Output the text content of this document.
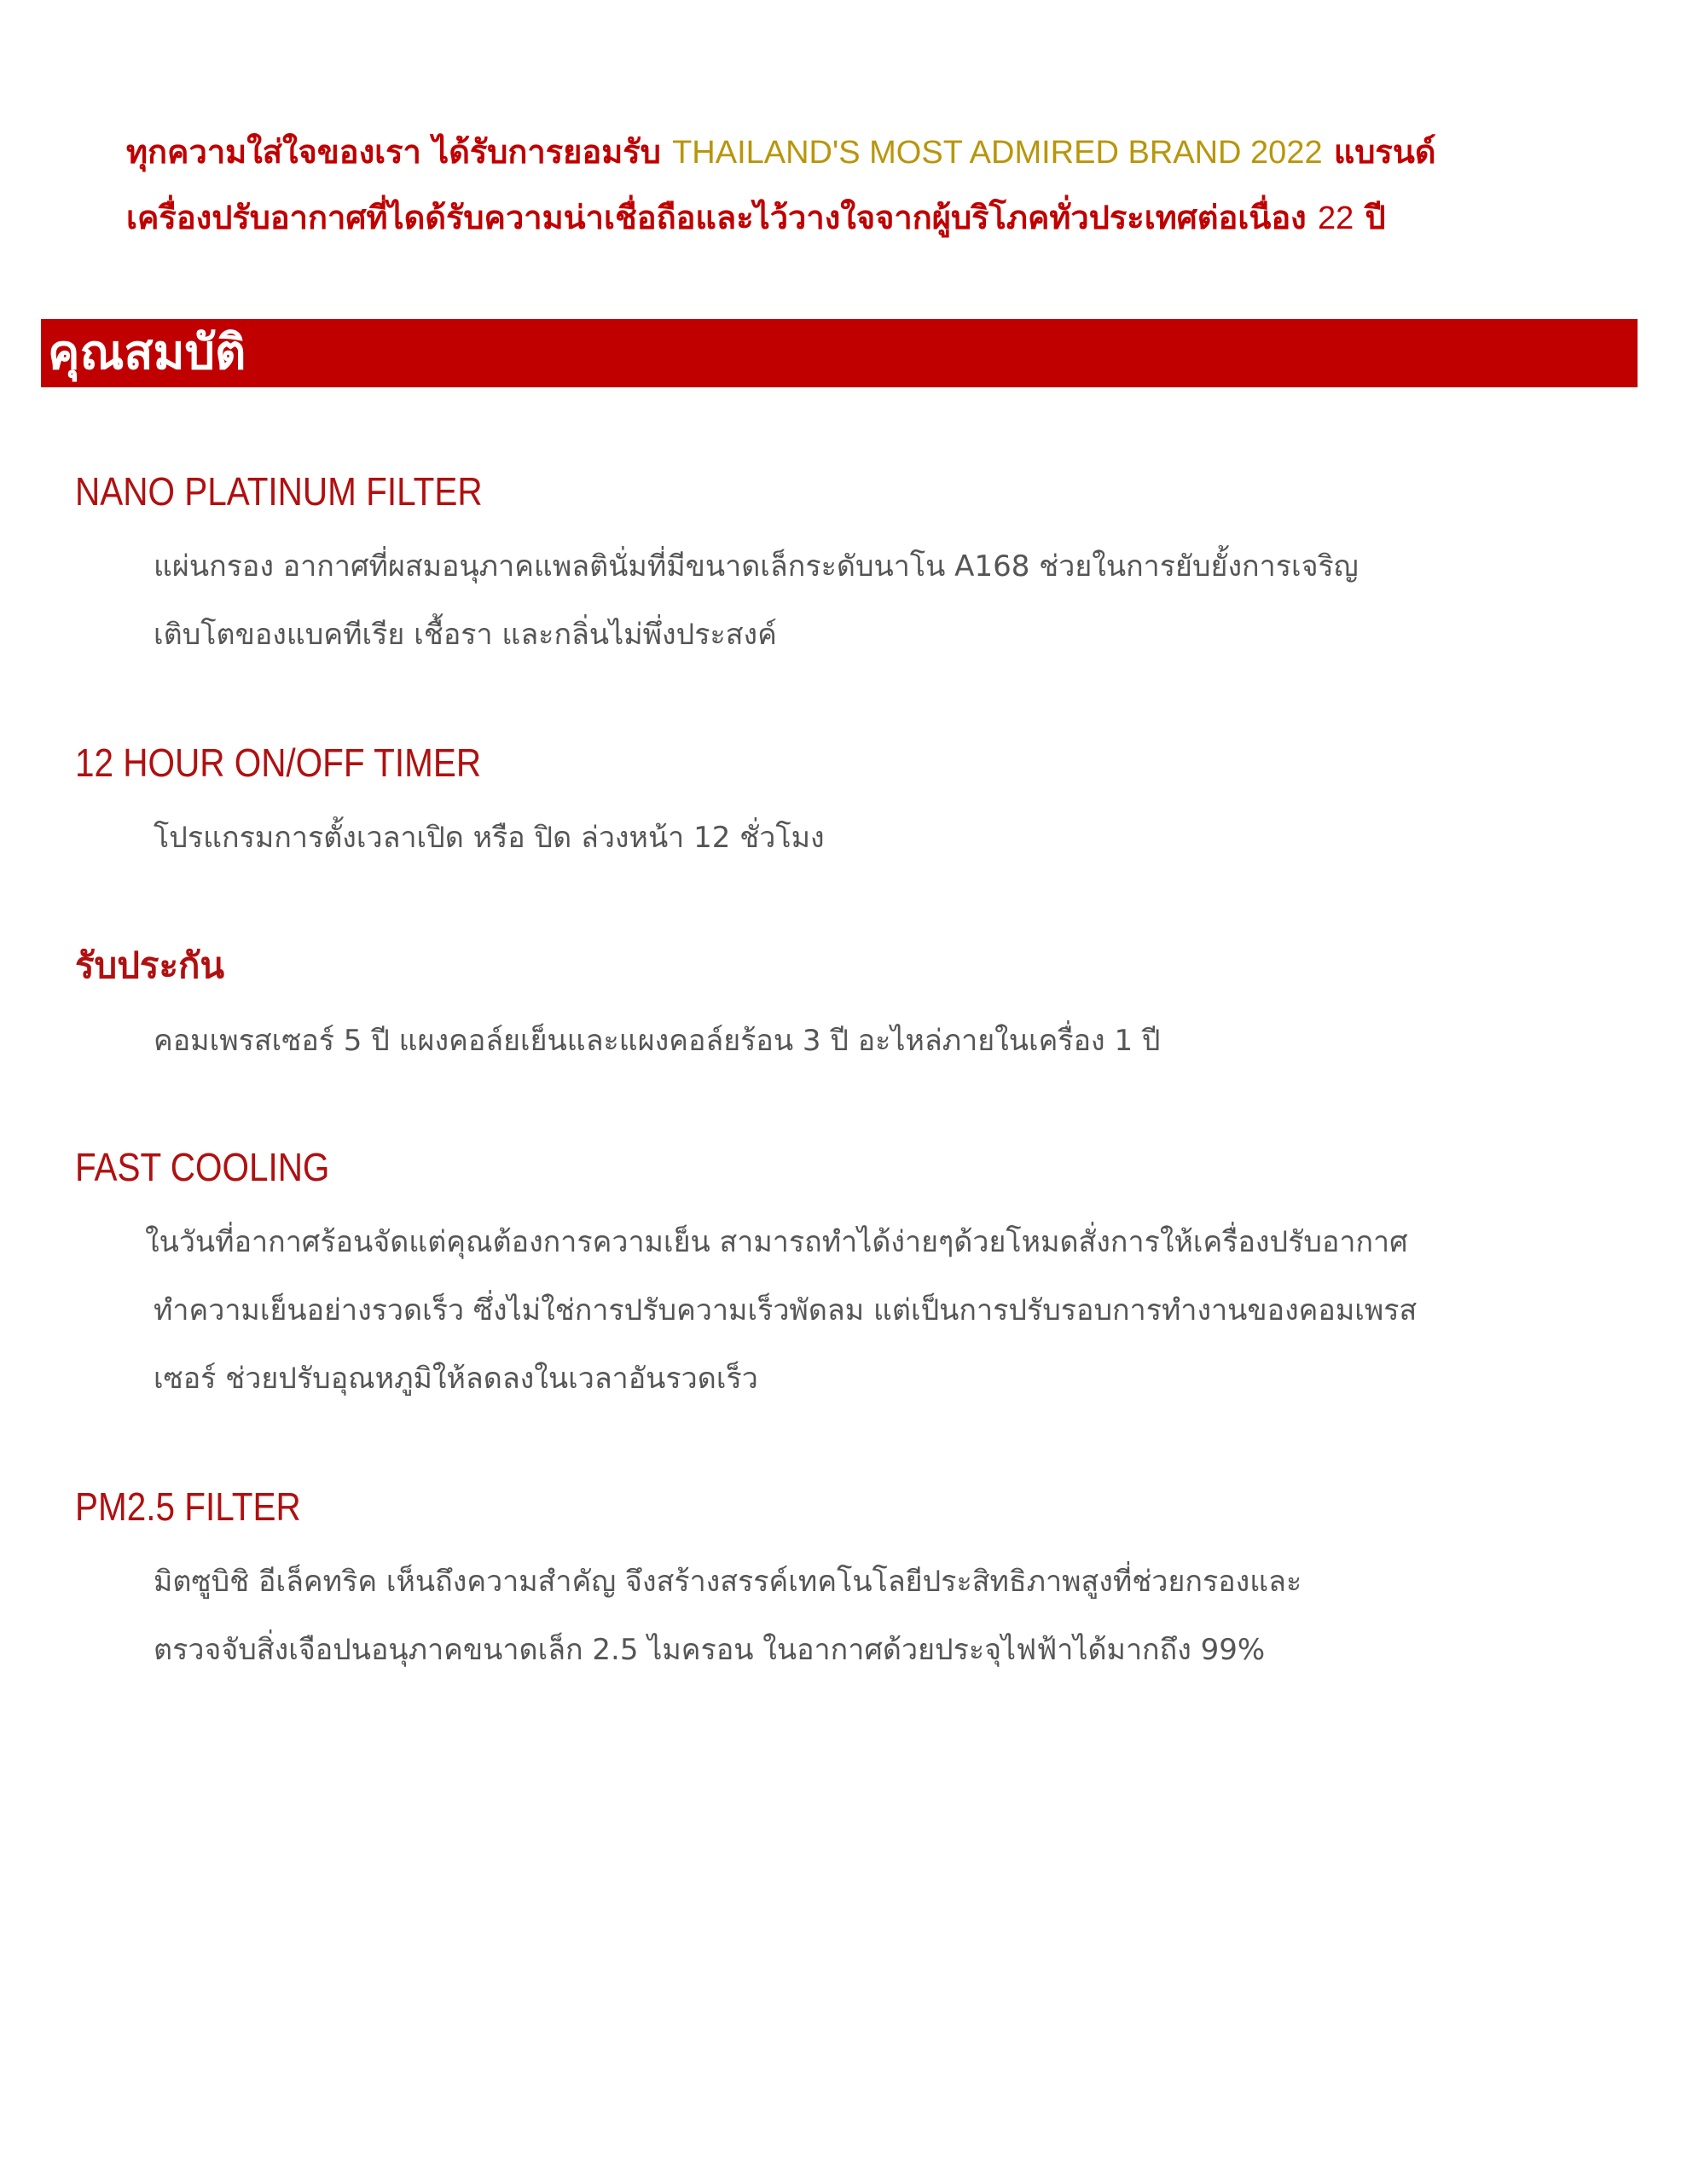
ทุกความใส่ใจของเรา ได้รับการยอมรับ THAILAND'S MOST ADMIRED BRAND 2022 แบรนด์
เครื่องปรับอากาศที่ไดด้รับความน่าเชื่อถือและไว้วางใจจากผู้บริโภคทั่วประเทศต่อเนื่อง 22 ปี
คุณสมบัติ
NANO PLATINUM FILTER
แผ่นกรอง อากาศที่ผสมอนุภาคแพลตินั่มที่มีขนาดเล็กระดับนาโน A168 ช่วยในการยับยั้งการเจริญ
เติบโตของแบคทีเรีย เชื้อรา และกลิ่นไม่พึ่งประสงค์
12 HOUR ON/OFF TIMER
โปรแกรมการตั้งเวลาเปิด หรือ ปิด ล่วงหน้า 12 ชั่วโมง
รับประกัน
คอมเพรสเซอร์ 5 ปี แผงคอล์ยเย็นและแผงคอล์ยร้อน 3 ปี อะไหล่ภายในเครื่อง 1 ปี
FAST COOLING
ในวันที่อากาศร้อนจัดแต่คุณต้องการความเย็น สามารถทำได้ง่ายๆด้วยโหมดสั่งการให้เครื่องปรับอากาศ
ทำความเย็นอย่างรวดเร็ว ซึ่งไม่ใช่การปรับความเร็วพัดลม แต่เป็นการปรับรอบการทำงานของคอมเพรส
เซอร์ ช่วยปรับอุณหภูมิให้ลดลงในเวลาอันรวดเร็ว
PM2.5 FILTER
มิตซูบิชิ อีเล็คทริค เห็นถึงความสำคัญ จึงสร้างสรรค์เทคโนโลยีประสิทธิภาพสูงที่ช่วยกรองและ
ตรวจจับสิ่งเจือปนอนุภาคขนาดเล็ก 2.5 ไมครอน ในอากาศด้วยประจุไฟฟ้าได้มากถึง 99%
